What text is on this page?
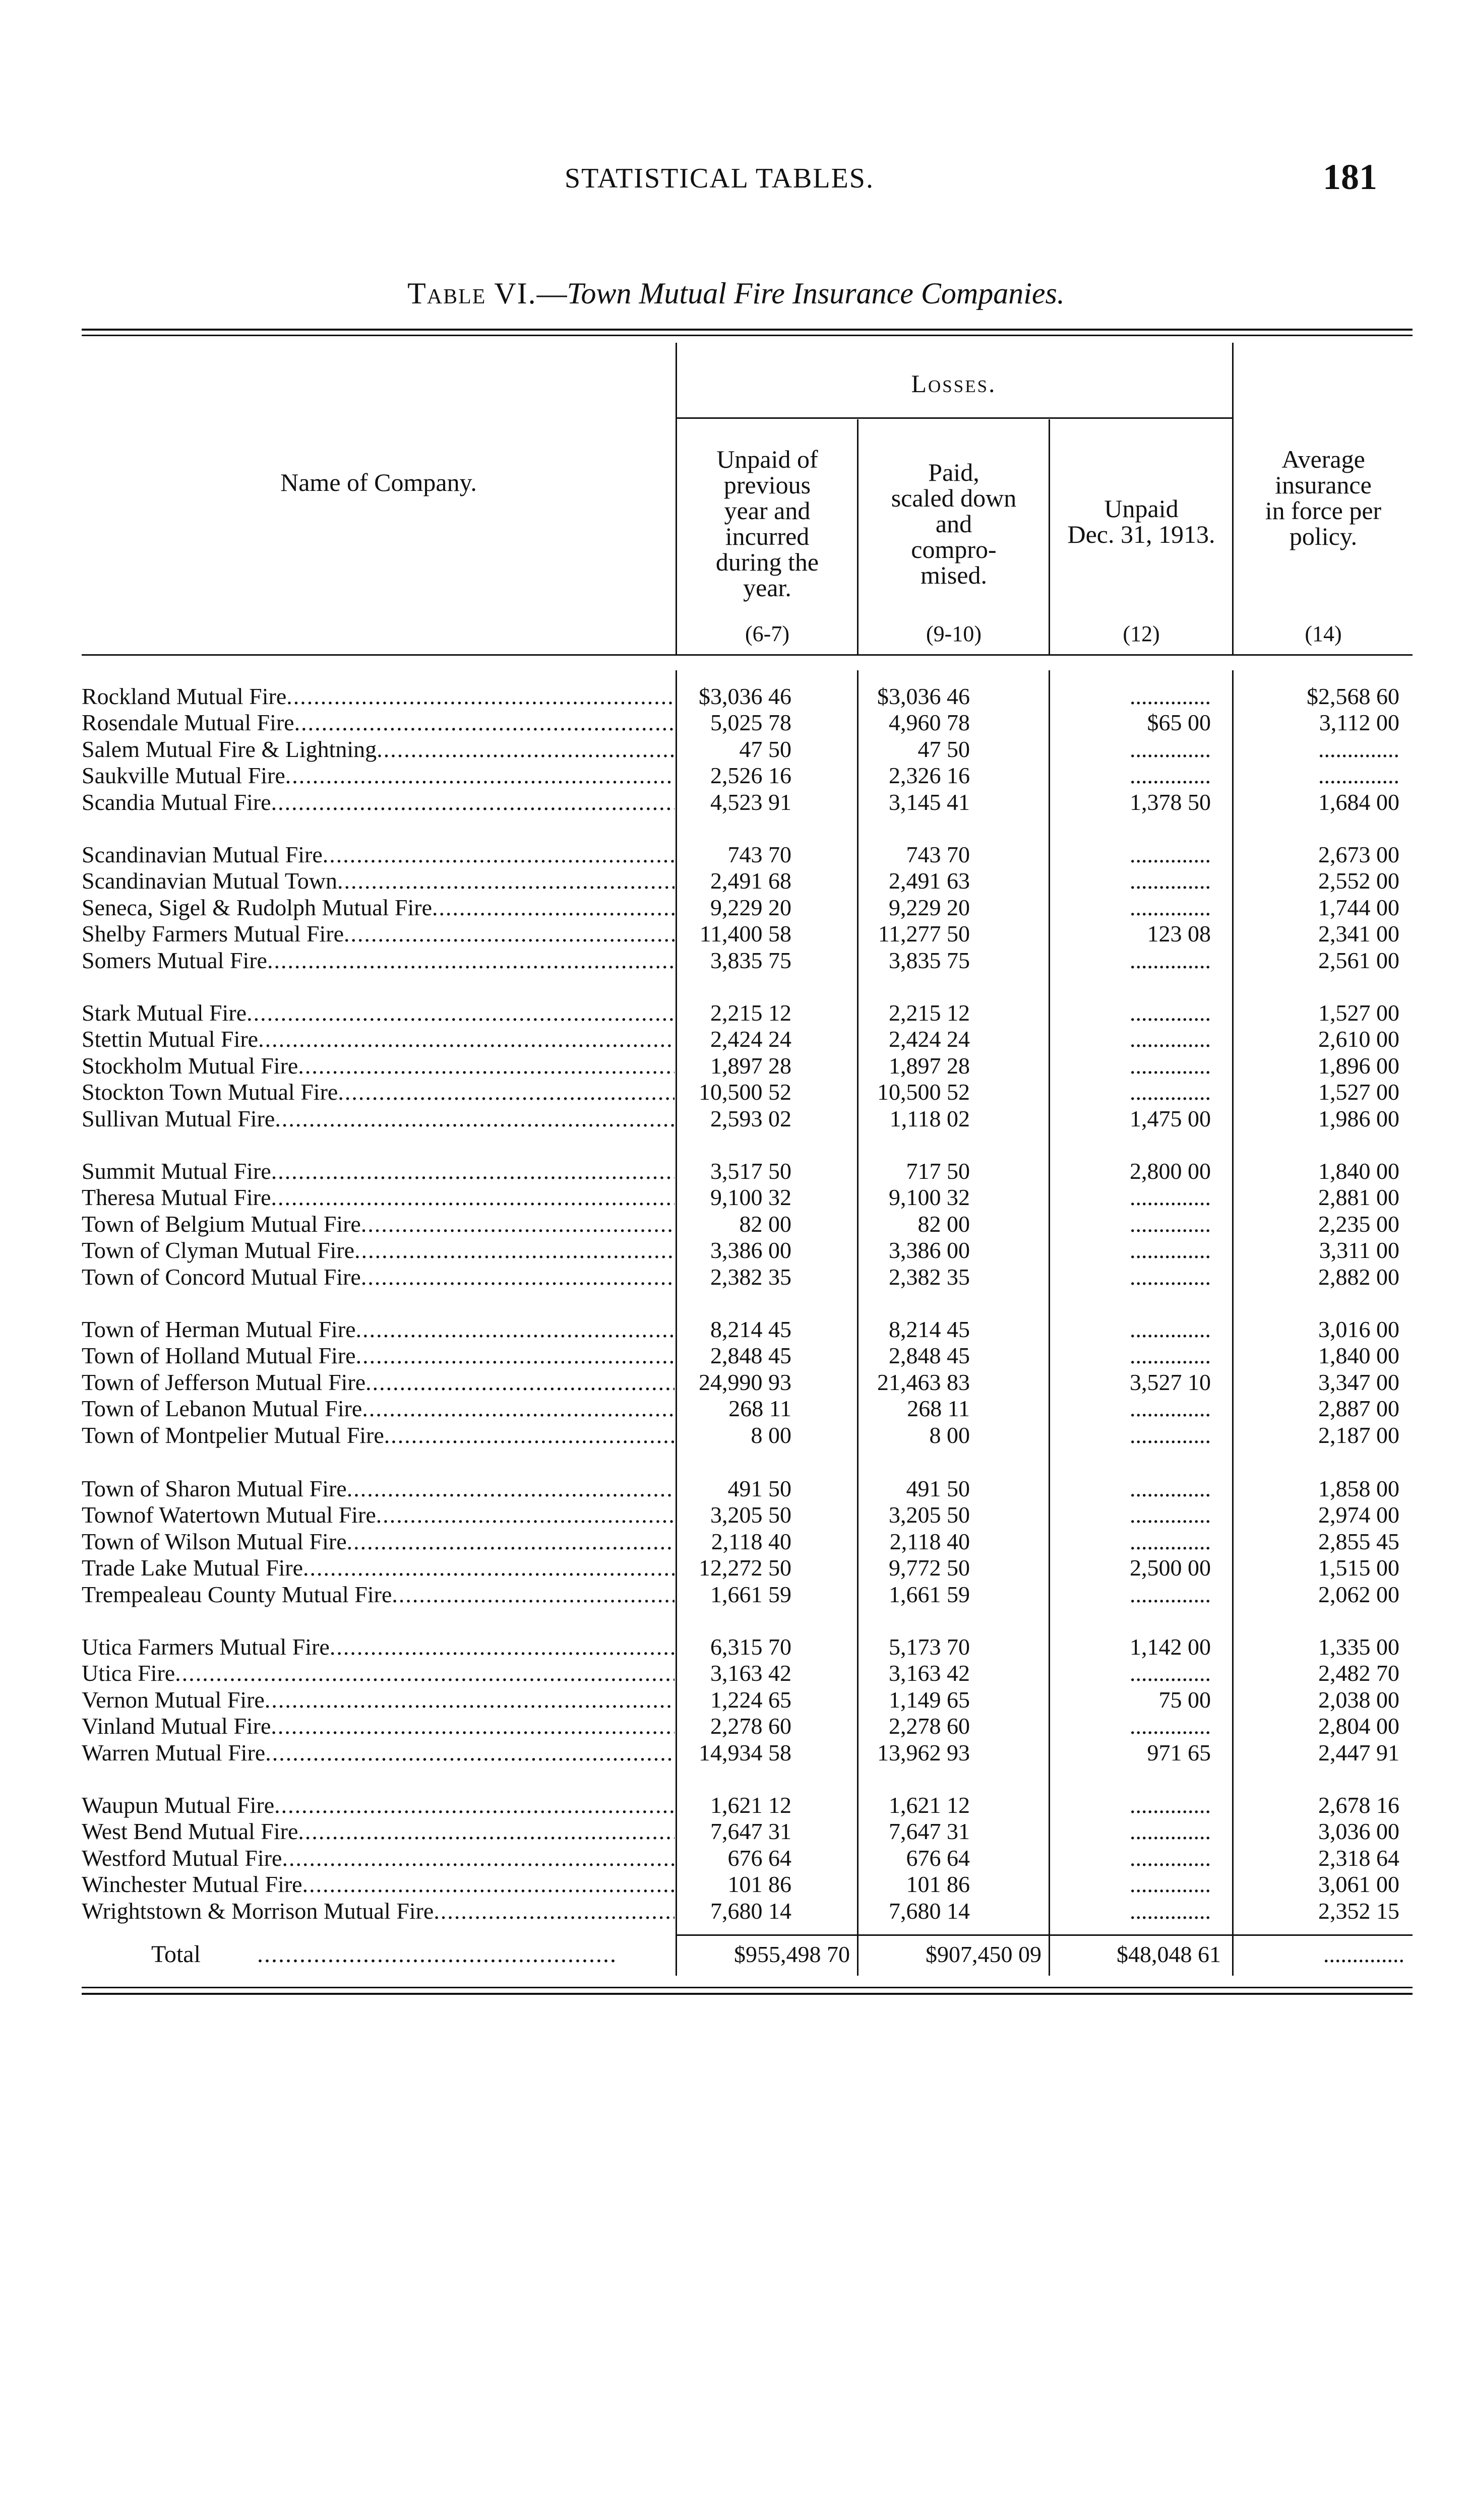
STATISTICAL TABLES.	181
Table VI.—Town Mutual Fire Insurance Companies.
Name of Company.
Losses.
Unpaid of
previous
year and
incurred
during the
year.
Paid,
scaled down
and
compro-
mised.
Unpaid
Dec. 31, 1913.
Average
insurance
in force per
policy.
(6-7)	(9-10)	(12)	(14)
Rockland Mutual Fire .....	$3,036 46	$3,036 46	..............	$2,568 60
Rosendale Mutual Fire .....	5,025 78	4,960 78	$65 00	3,112 00
Salem Mutual Fire & Lightning .....	47 50	47 50	..............	..............
Saukville Mutual Fire .....	2,526 16	2,326 16	..............	..............
Scandia Mutual Fire .....	4,523 91	3,145 41	1,378 50	1,684 00
Scandinavian Mutual Fire .....	743 70	743 70	..............	2,673 00
Scandinavian Mutual Town .....	2,491 68	2,491 63	..............	2,552 00
Seneca, Sigel & Rudolph Mutual Fire .....	9,229 20	9,229 20	..............	1,744 00
Shelby Farmers Mutual Fire .....	11,400 58	11,277 50	123 08	2,341 00
Somers Mutual Fire .....	3,835 75	3,835 75	..............	2,561 00
Stark Mutual Fire .....	2,215 12	2,215 12	..............	1,527 00
Stettin Mutual Fire .....	2,424 24	2,424 24	..............	2,610 00
Stockholm Mutual Fire .....	1,897 28	1,897 28	..............	1,896 00
Stockton Town Mutual Fire .....	10,500 52	10,500 52	..............	1,527 00
Sullivan Mutual Fire .....	2,593 02	1,118 02	1,475 00	1,986 00
Summit Mutual Fire .....	3,517 50	717 50	2,800 00	1,840 00
Theresa Mutual Fire .....	9,100 32	9,100 32	..............	2,881 00
Town of Belgium Mutual Fire .....	82 00	82 00	..............	2,235 00
Town of Clyman Mutual Fire .....	3,386 00	3,386 00	..............	3,311 00
Town of Concord Mutual Fire .....	2,382 35	2,382 35	..............	2,882 00
Town of Herman Mutual Fire .....	8,214 45	8,214 45	..............	3,016 00
Town of Holland Mutual Fire .....	2,848 45	2,848 45	..............	1,840 00
Town of Jefferson Mutual Fire .....	24,990 93	21,463 83	3,527 10	3,347 00
Town of Lebanon Mutual Fire .....	268 11	268 11	..............	2,887 00
Town of Montpelier Mutual Fire .....	8 00	8 00	..............	2,187 00
Town of Sharon Mutual Fire .....	491 50	491 50	..............	1,858 00
Townof Watertown Mutual Fire .....	3,205 50	3,205 50	..............	2,974 00
Town of Wilson Mutual Fire .....	2,118 40	2,118 40	..............	2,855 45
Trade Lake Mutual Fire .....	12,272 50	9,772 50	2,500 00	1,515 00
Trempealeau County Mutual Fire .....	1,661 59	1,661 59	..............	2,062 00
Utica Farmers Mutual Fire .....	6,315 70	5,173 70	1,142 00	1,335 00
Utica Fire .....	3,163 42	3,163 42	..............	2,482 70
Vernon Mutual Fire .....	1,224 65	1,149 65	75 00	2,038 00
Vinland Mutual Fire .....	2,278 60	2,278 60	..............	2,804 00
Warren Mutual Fire .....	14,934 58	13,962 93	971 65	2,447 91
Waupun Mutual Fire .....	1,621 12	1,621 12	..............	2,678 16
West Bend Mutual Fire .....	7,647 31	7,647 31	..............	3,036 00
Westford Mutual Fire .....	676 64	676 64	..............	2,318 64
Winchester Mutual Fire .....	101 86	101 86	..............	3,061 00
Wrightstown & Morrison Mutual Fire .....	7,680 14	7,680 14	..............	2,352 15
Total ...................................................	$955,498 70	$907,450 09	$48,048 61	..............
